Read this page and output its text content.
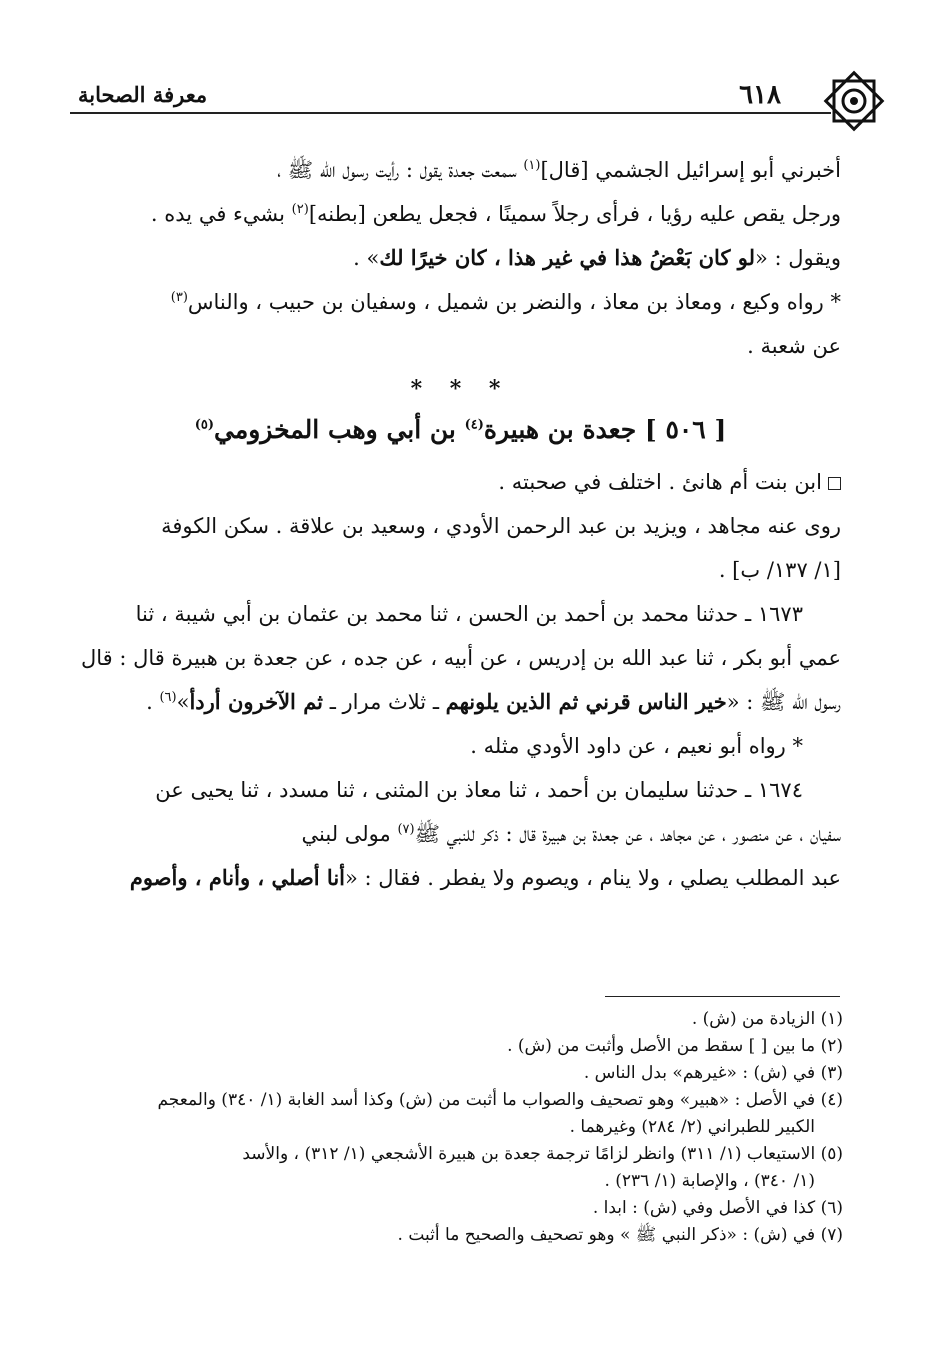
معرفة الصحابة	٦١٨

أخبرني أبو إسرائيل الجشمي [قال]$^{(١)}$ سمعت جعدة يقول : رأيت رسول الله ﷺ ،

ورجل يقص عليه رؤيا ، فرأى رجلاً سمينًا ، فجعل يطعن [بطنه]$^{(٢)}$ بشيء في يده .

ويقول : «لو كان بَعْضُ هذا في غير هذا ، كان خيرًا لك» .

* رواه وكيع ، ومعاذ بن معاذ ، والنضر بن شميل ، وسفيان بن حبيب ، والناس$^{(٣)}$

عن شعبة .

* * *
[ ٥٠٦ ] جعدة بن هبيرة$^{(٤)}$ بن أبي وهب المخزومي$^{(٥)}$

ابن بنت أم هانئ . اختلف في صحبته .

روى عنه مجاهد ، ويزيد بن عبد الرحمن الأودي ، وسعيد بن علاقة . سكن الكوفة

[١/ ١٣٧/ ب] .

١٦٧٣ ـ حدثنا محمد بن أحمد بن الحسن ، ثنا محمد بن عثمان بن أبي شيبة ، ثنا

عمي أبو بكر ، ثنا عبد الله بن إدريس ، عن أبيه ، عن جده ، عن جعدة بن هبيرة قال : قال

رسول الله ﷺ : «خير الناس قرني ثم الذين يلونهم ـ ثلاث مرار ـ ثم الآخرون أردأ»$^{(٦)}$ .

* رواه أبو نعيم ، عن داود الأودي مثله .

١٦٧٤ ـ حدثنا سليمان بن أحمد ، ثنا معاذ بن المثنى ، ثنا مسدد ، ثنا يحيى عن

سفيان ، عن منصور ، عن مجاهد ، عن جعدة بن هبيرة قال : ذكر للنبي ﷺ$^{(٧)}$ مولى لبني

عبد المطلب يصلي ، ولا ينام ، ويصوم ولا يفطر . فقال : «أنا أصلي ، وأنام ، وأصوم

(١) الزيادة من (ش) .

(٢) ما بين [ ] سقط من الأصل وأثبت من (ش) .

(٣) في (ش) : «غيرهم» بدل الناس .

(٤) في الأصل : «هبير» وهو تصحيف والصواب ما أثبت من (ش) وكذا أسد الغابة (١/ ٣٤٠) والمعجم
الكبير للطبراني (٢/ ٢٨٤) وغيرهما .

(٥) الاستيعاب (١/ ٣١١) وانظر لزامًا ترجمة جعدة بن هبيرة الأشجعي (١/ ٣١٢) ، والأسد
(١/ ٣٤٠) ، والإصابة (١/ ٢٣٦) .

(٦) كذا في الأصل وفي (ش) : ابدا .

(٧) في (ش) : «ذكر النبي ﷺ » وهو تصحيف والصحيح ما أثبت .
